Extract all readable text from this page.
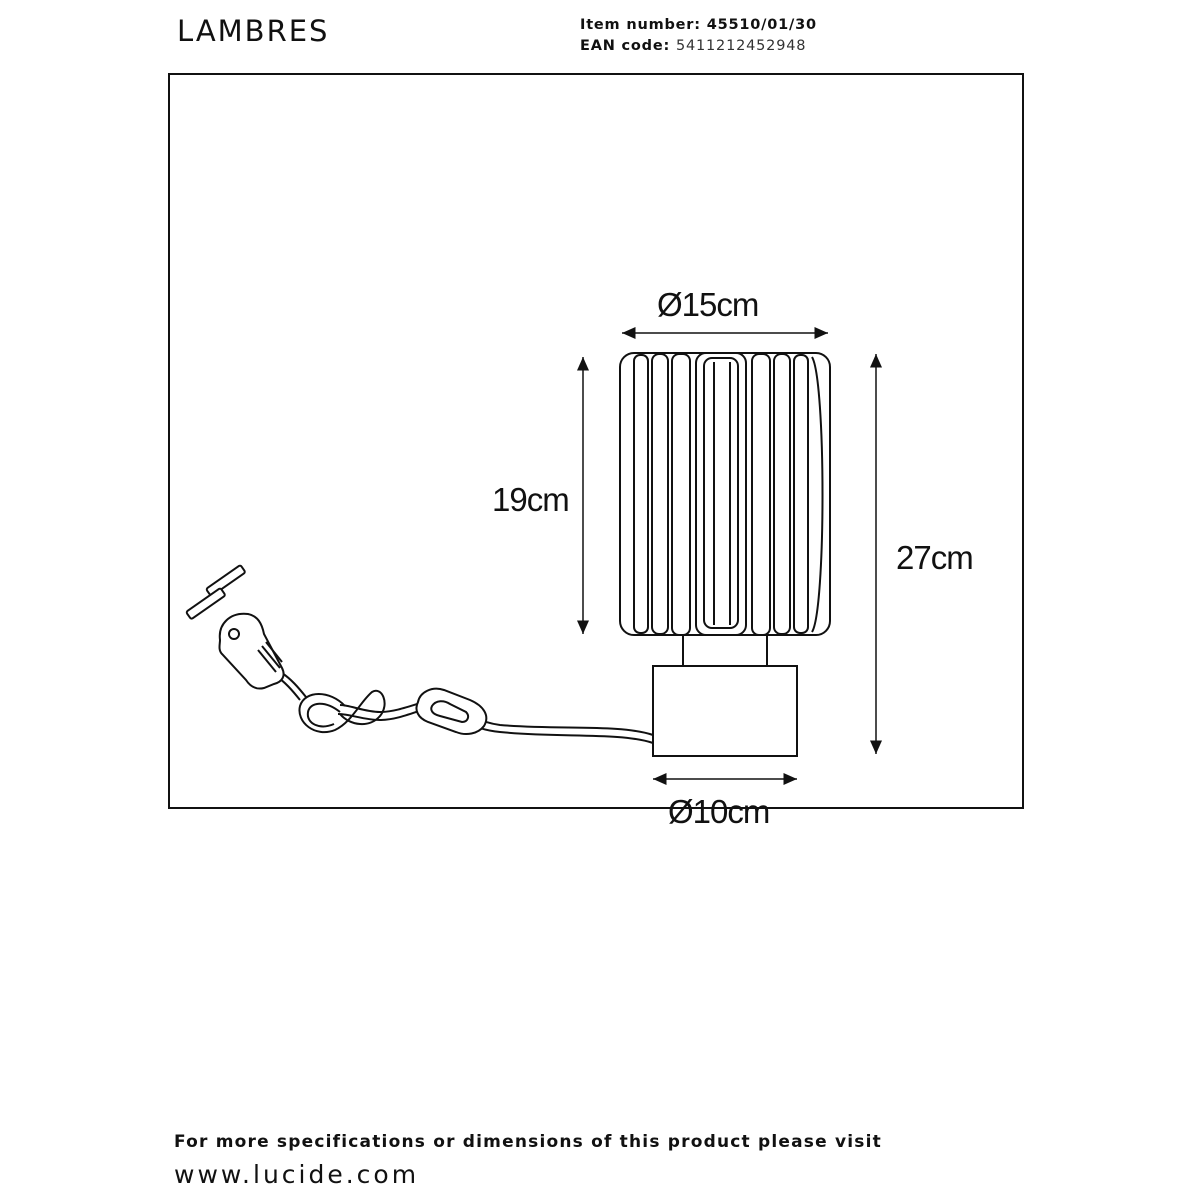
LAMBRES	Item number: 45510/01/30
EAN code: 5411212452948
Ø15cm
19cm
27cm
Ø10cm
For more specifications or dimensions of this product please visit
www.lucide.com
